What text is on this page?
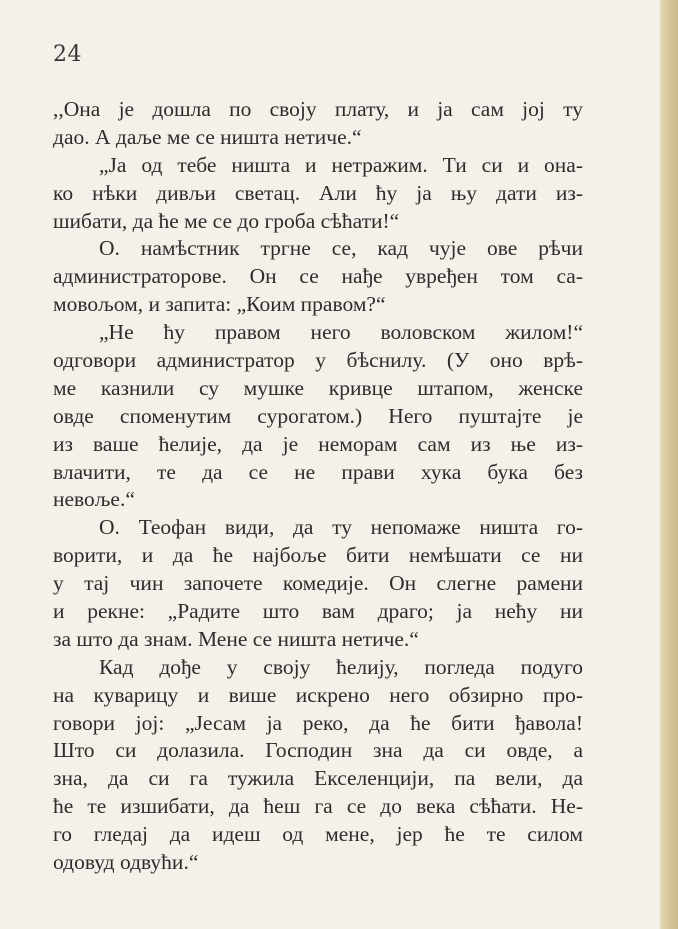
24
,,Она је дошла по своју плату, и ја сам јој ту
дао. А даље ме се ништа нетиче.“
„Ја од тебе ништа и нетражим. Ти си и она-
ко нѣки дивљи светац. Али ћу ја њу дати из-
шибати, да ће ме се до гроба сѣћати!“
О. намѣстник тргне се, кад чује ове рѣчи
администраторове. Он се нађе увређен том са-
мовољом, и запита: „Коим правом?“
„Не ћу правом него воловском жилом!“
одговори администратор у бѣснилу. (У оно врѣ-
ме казнили су мушке кривце штапом, женске
овде споменутим сурогатом.) Него пуштајте је
из ваше ћелије, да је неморам сам из ње из-
влачити, те да се не прави хука бука без
невоље.“
О. Теофан види, да ту непомаже ништа го-
ворити, и да ће најбоље бити немѣшати се ни
у тај чин започете комедије. Он слегне рамени
и рекне: „Радите што вам драго; ја нећу ни
за што да знам. Мене се ништа нетиче.“
Кад дође у своју ћелију, погледа подуго
на куварицу и више искрено него обзирно про-
говори јој: „Јесам ја реко, да ће бити ђавола!
Што си долазила. Господин зна да си овде, а
зна, да си га тужила Екселенцији, па вели, да
ће те изшибати, да ћеш га се до века сѣћати. Не-
го гледај да идеш од мене, јер ће те силом
одовуд одвући.“
